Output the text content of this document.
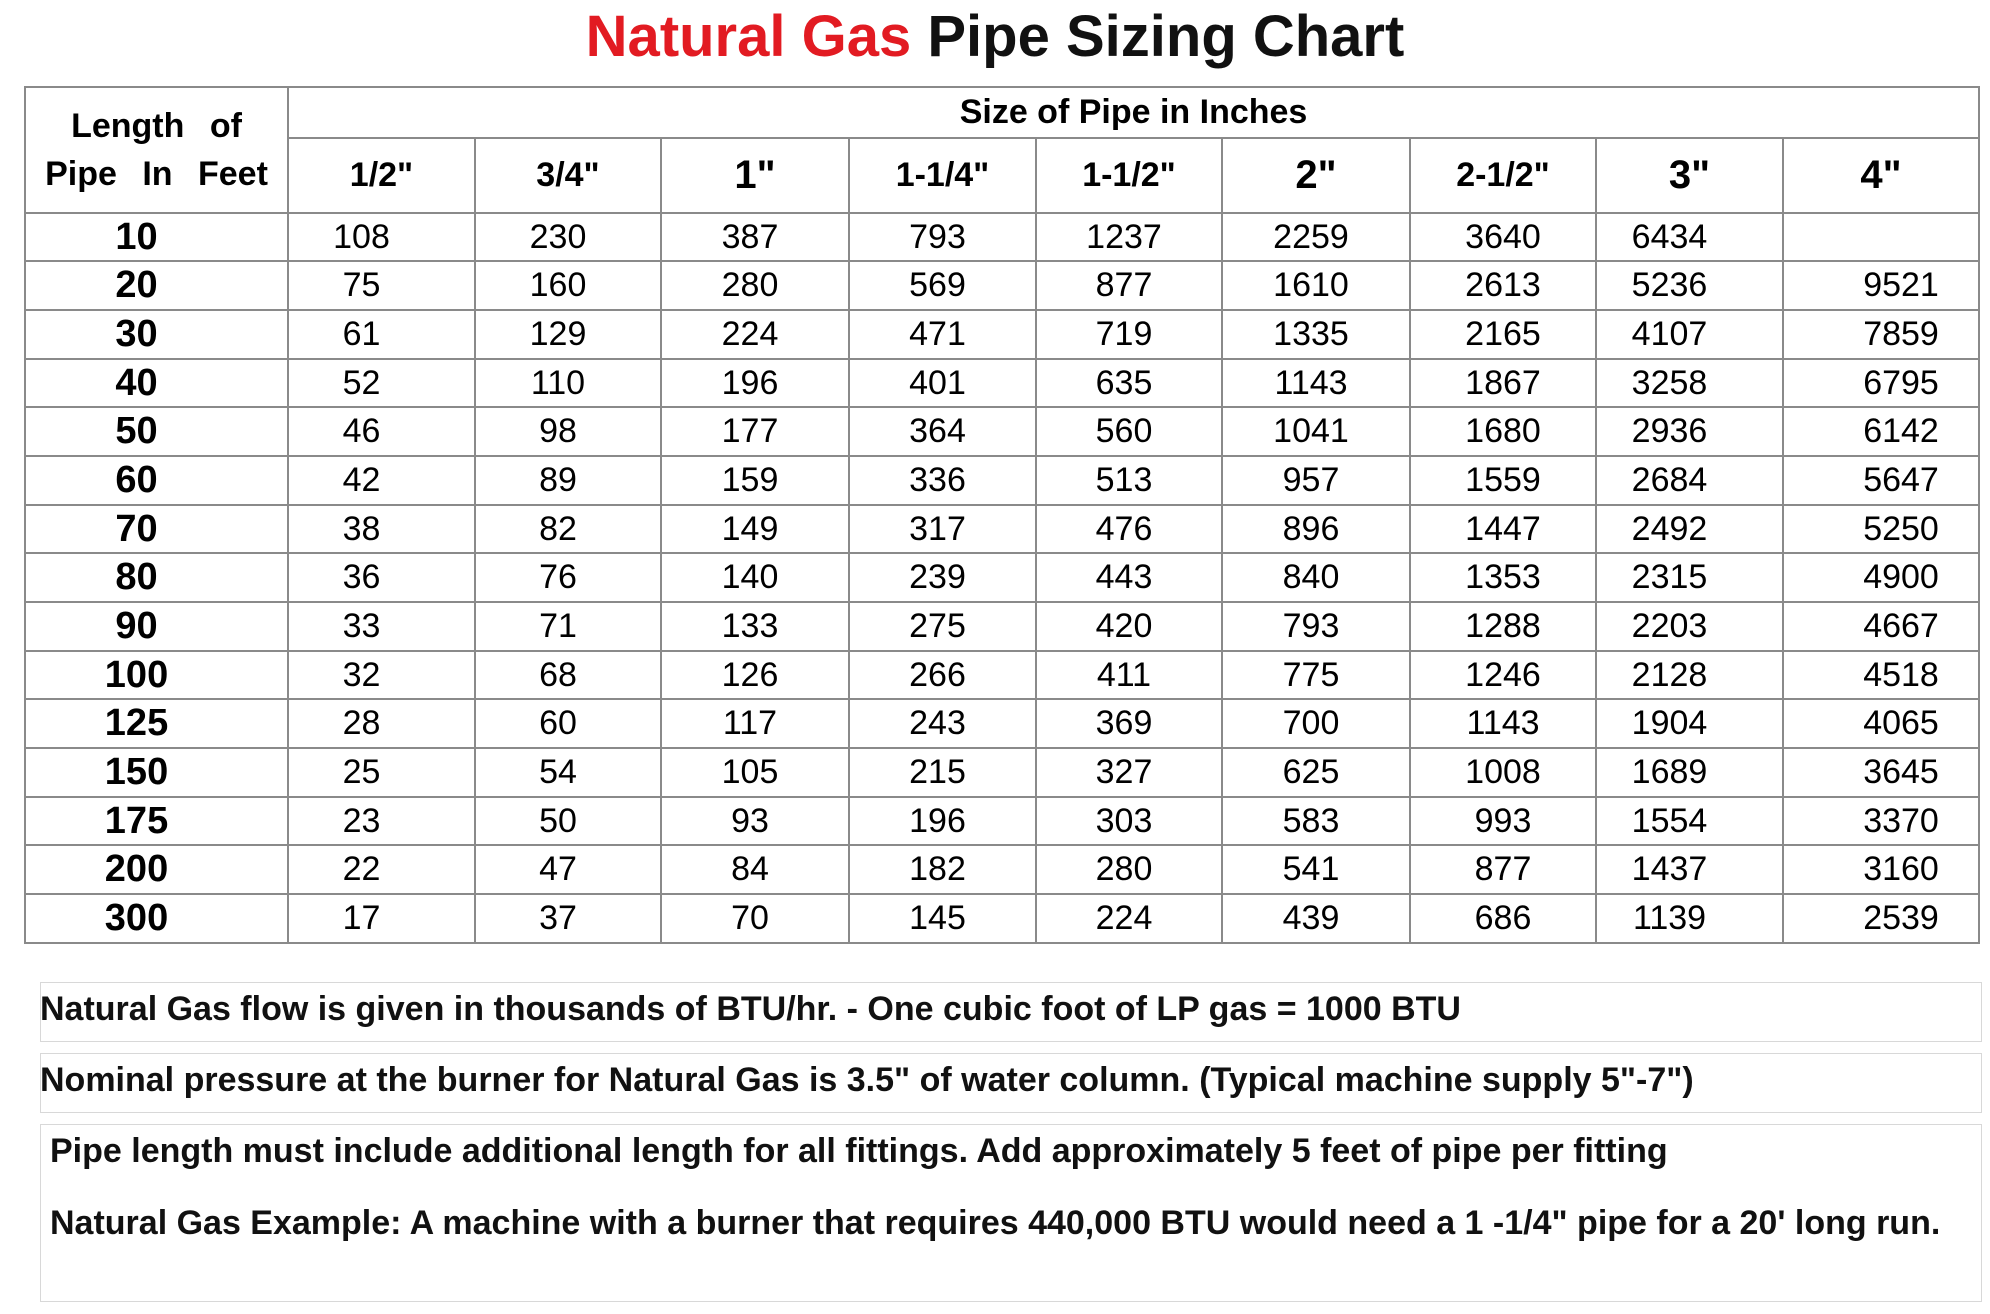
Natural Gas Pipe Sizing Chart
Length of
Pipe In Feet	Size of Pipe in Inches								
	1/2"	3/4"	1"	1-1/4"	1-1/2"	2"	2-1/2"	3"	4"
10	108	230	387	793	1237	2259	3640	6434	
20	75	160	280	569	877	1610	2613	5236	9521
30	61	129	224	471	719	1335	2165	4107	7859
40	52	110	196	401	635	1143	1867	3258	6795
50	46	98	177	364	560	1041	1680	2936	6142
60	42	89	159	336	513	957	1559	2684	5647
70	38	82	149	317	476	896	1447	2492	5250
80	36	76	140	239	443	840	1353	2315	4900
90	33	71	133	275	420	793	1288	2203	4667
100	32	68	126	266	411	775	1246	2128	4518
125	28	60	117	243	369	700	1143	1904	4065
150	25	54	105	215	327	625	1008	1689	3645
175	23	50	93	196	303	583	993	1554	3370
200	22	47	84	182	280	541	877	1437	3160
300	17	37	70	145	224	439	686	1139	2539
Natural Gas flow is given in thousands of BTU/hr. - One cubic foot of LP gas = 1000 BTU
Nominal pressure at the burner for Natural Gas is 3.5" of water column. (Typical machine supply 5"-7")
Pipe length must include additional length for all fittings. Add approximately 5 feet of pipe per fitting
Natural Gas Example: A machine with a burner that requires 440,000 BTU would need a 1 -1/4" pipe for a 20' long run.
